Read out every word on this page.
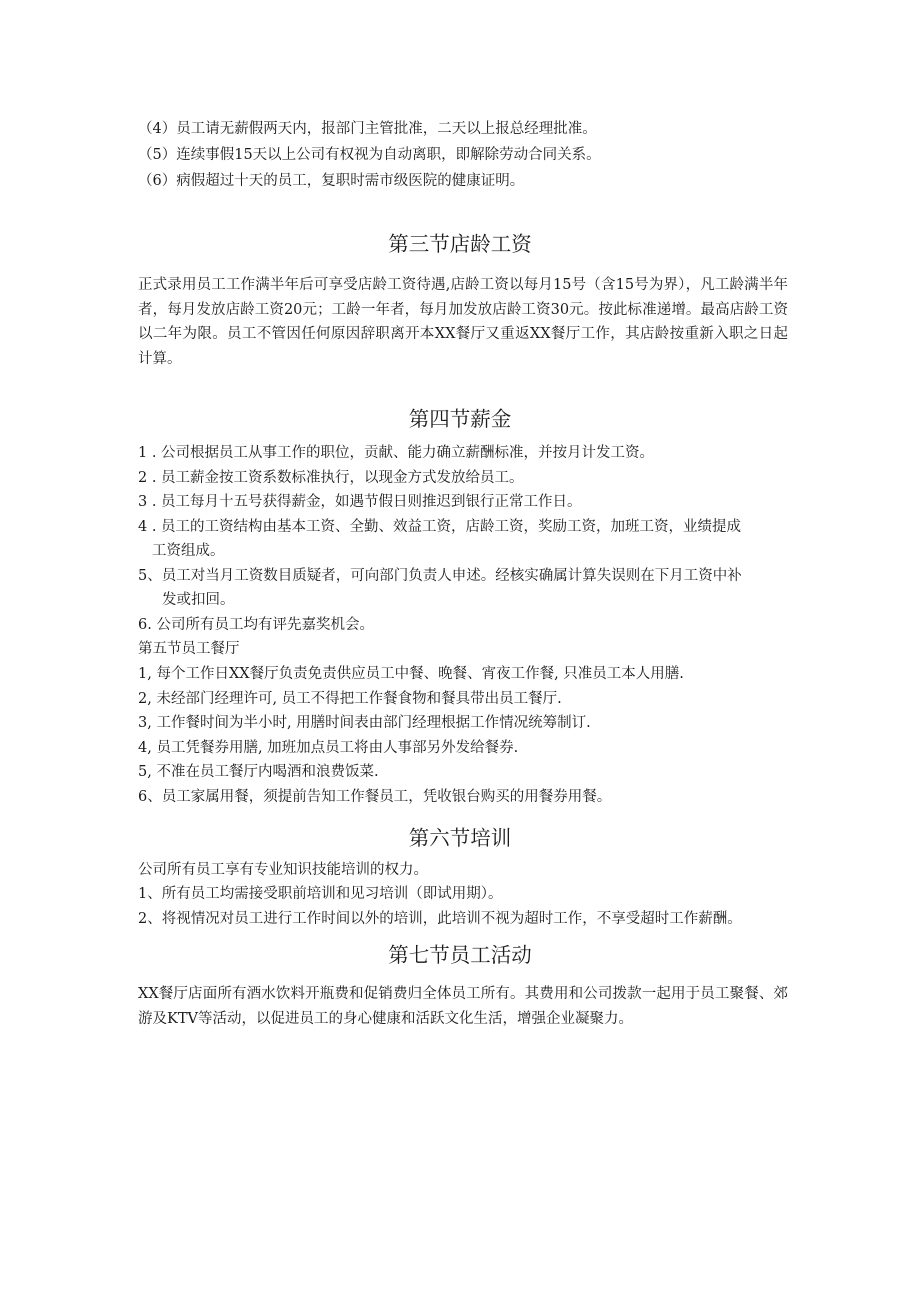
（4）员工请无薪假两天内，报部门主管批准，二天以上报总经理批准。
（5）连续事假15天以上公司有权视为自动离职，即解除劳动合同关系。
（6）病假超过十天的员工，复职时需市级医院的健康证明。
第三节店龄工资
正式录用员工工作满半年后可享受店龄工资待遇,店龄工资以每月15号（含15号为界），凡工龄满半年者，每月发放店龄工资20元；工龄一年者，每月加发放店龄工资30元。按此标准递增。最高店龄工资以二年为限。员工不管因任何原因辞职离开本XX餐厅又重返XX餐厅工作，其店龄按重新入职之日起计算。
第四节薪金
1 . 公司根据员工从事工作的职位，贡献、能力确立薪酬标准，并按月计发工资。
2 . 员工薪金按工资系数标准执行，以现金方式发放给员工。
3 . 员工每月十五号获得薪金，如遇节假日则推迟到银行正常工作日。
4 . 员工的工资结构由基本工资、全勤、效益工资，店龄工资，奖励工资，加班工资，业绩提成
工资组成。
5、员工对当月工资数目质疑者，可向部门负责人申述。经核实确属计算失误则在下月工资中补
发或扣回。
6. 公司所有员工均有评先嘉奖机会。
第五节员工餐厅
1, 每个工作日XX餐厅负责免责供应员工中餐、晚餐、宵夜工作餐, 只准员工本人用膳.
2, 未经部门经理许可, 员工不得把工作餐食物和餐具带出员工餐厅.
3, 工作餐时间为半小时, 用膳时间表由部门经理根据工作情况统筹制订.
4, 员工凭餐券用膳, 加班加点员工将由人事部另外发给餐券.
5, 不准在员工餐厅内喝酒和浪费饭菜.
6、员工家属用餐，须提前告知工作餐员工，凭收银台购买的用餐券用餐。
第六节培训
公司所有员工享有专业知识技能培训的权力。
1、所有员工均需接受职前培训和见习培训（即试用期）。
2、将视情况对员工进行工作时间以外的培训，此培训不视为超时工作，不享受超时工作薪酬。
第七节员工活动
XX餐厅店面所有酒水饮料开瓶费和促销费归全体员工所有。其费用和公司拨款一起用于员工聚餐、郊游及KTV等活动，以促进员工的身心健康和活跃文化生活，增强企业凝聚力。
